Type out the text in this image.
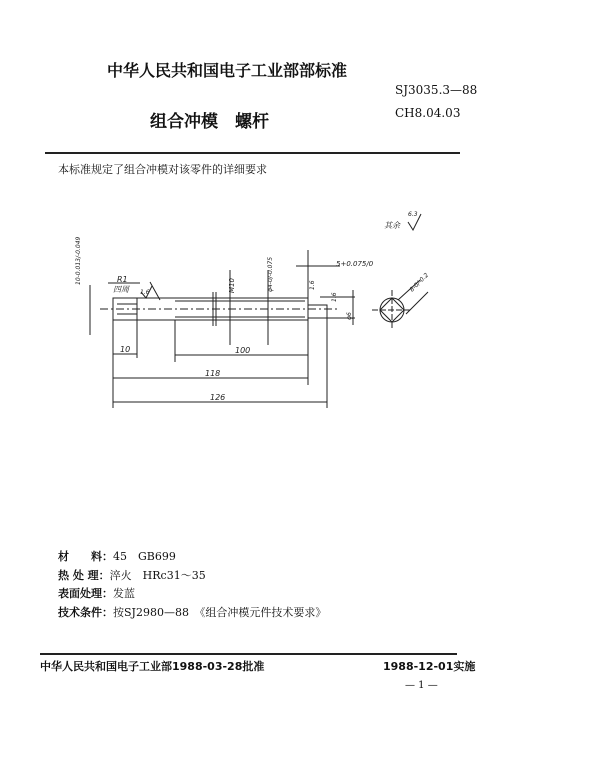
中华人民共和国电子工业部部标准
SJ3035.3—88
组合冲模　螺杆	CH8.04.03
本标准规定了组合冲模对该零件的详细要求
其余
6.3
10-0.013/-0.049	R1
四周 1.6	M10	φ4-0/-0.075	5+0.075/0
1.6
1.6
φ6
8-0/-0.2
10	100
118
126
材　　料：45　GB699
热 处 理：淬火　HRc31～35
表面处理：发蓝
技术条件：按SJ2980—88　《组合冲模元件技术要求》
中华人民共和国电子工业部1988-03-28批准	1988-12-01实施
— 1 —
